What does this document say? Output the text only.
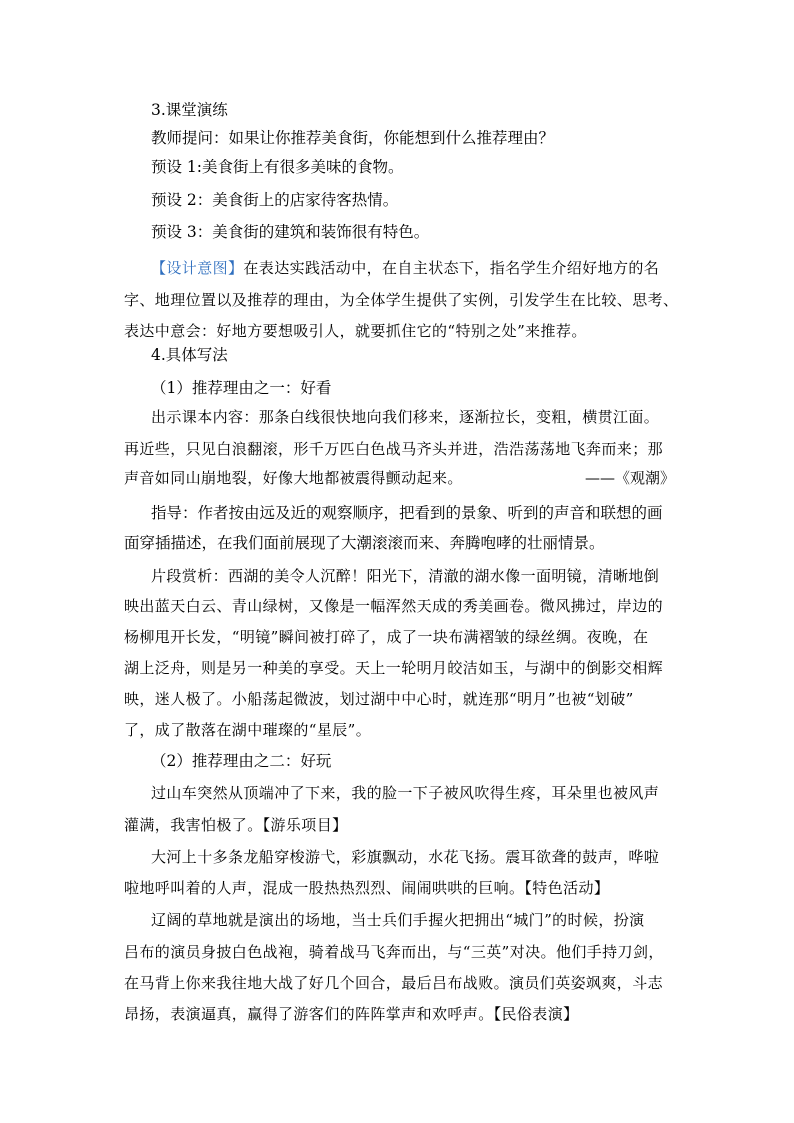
3.课堂演练
教师提问：如果让你推荐美食街，你能想到什么推荐理由？
预设 1:美食街上有很多美味的食物。
预设 2：美食街上的店家待客热情。
预设 3：美食街的建筑和装饰很有特色。
【设计意图】在表达实践活动中，在自主状态下，指名学生介绍好地方的名
字、地理位置以及推荐的理由，为全体学生提供了实例，引发学生在比较、思考、
表达中意会：好地方要想吸引人，就要抓住它的“特别之处”来推荐。
4.具体写法
（1）推荐理由之一：好看
出示课本内容：那条白线很快地向我们移来，逐渐拉长，变粗，横贯江面。
再近些，只见白浪翻滚，形千万匹白色战马齐头并进，浩浩荡荡地飞奔而来；那
声音如同山崩地裂，好像大地都被震得颤动起来。	——《观潮》
指导：作者按由远及近的观察顺序，把看到的景象、听到的声音和联想的画
面穿插描述，在我们面前展现了大潮滚滚而来、奔腾咆哮的壮丽情景。
片段赏析：西湖的美令人沉醉！阳光下，清澈的湖水像一面明镜，清晰地倒
映出蓝天白云、青山绿树，又像是一幅浑然天成的秀美画卷。微风拂过，岸边的
杨柳甩开长发，“明镜”瞬间被打碎了，成了一块布满褶皱的绿丝绸。夜晚，在
湖上泛舟，则是另一种美的享受。天上一轮明月皎洁如玉，与湖中的倒影交相辉
映，迷人极了。小船荡起微波，划过湖中中心时，就连那“明月”也被“划破”
了，成了散落在湖中璀璨的“星辰”。
（2）推荐理由之二：好玩
过山车突然从顶端冲了下来，我的脸一下子被风吹得生疼，耳朵里也被风声
灌满，我害怕极了。【游乐项目】
大河上十多条龙船穿梭游弋，彩旗飘动，水花飞扬。震耳欲聋的鼓声，哗啦
啦地呼叫着的人声，混成一股热热烈烈、闹闹哄哄的巨响。【特色活动】
辽阔的草地就是演出的场地，当士兵们手握火把拥出“城门”的时候，扮演
吕布的演员身披白色战袍，骑着战马飞奔而出，与“三英”对决。他们手持刀剑，
在马背上你来我往地大战了好几个回合，最后吕布战败。演员们英姿飒爽，斗志
昂扬，表演逼真，赢得了游客们的阵阵掌声和欢呼声。【民俗表演】
